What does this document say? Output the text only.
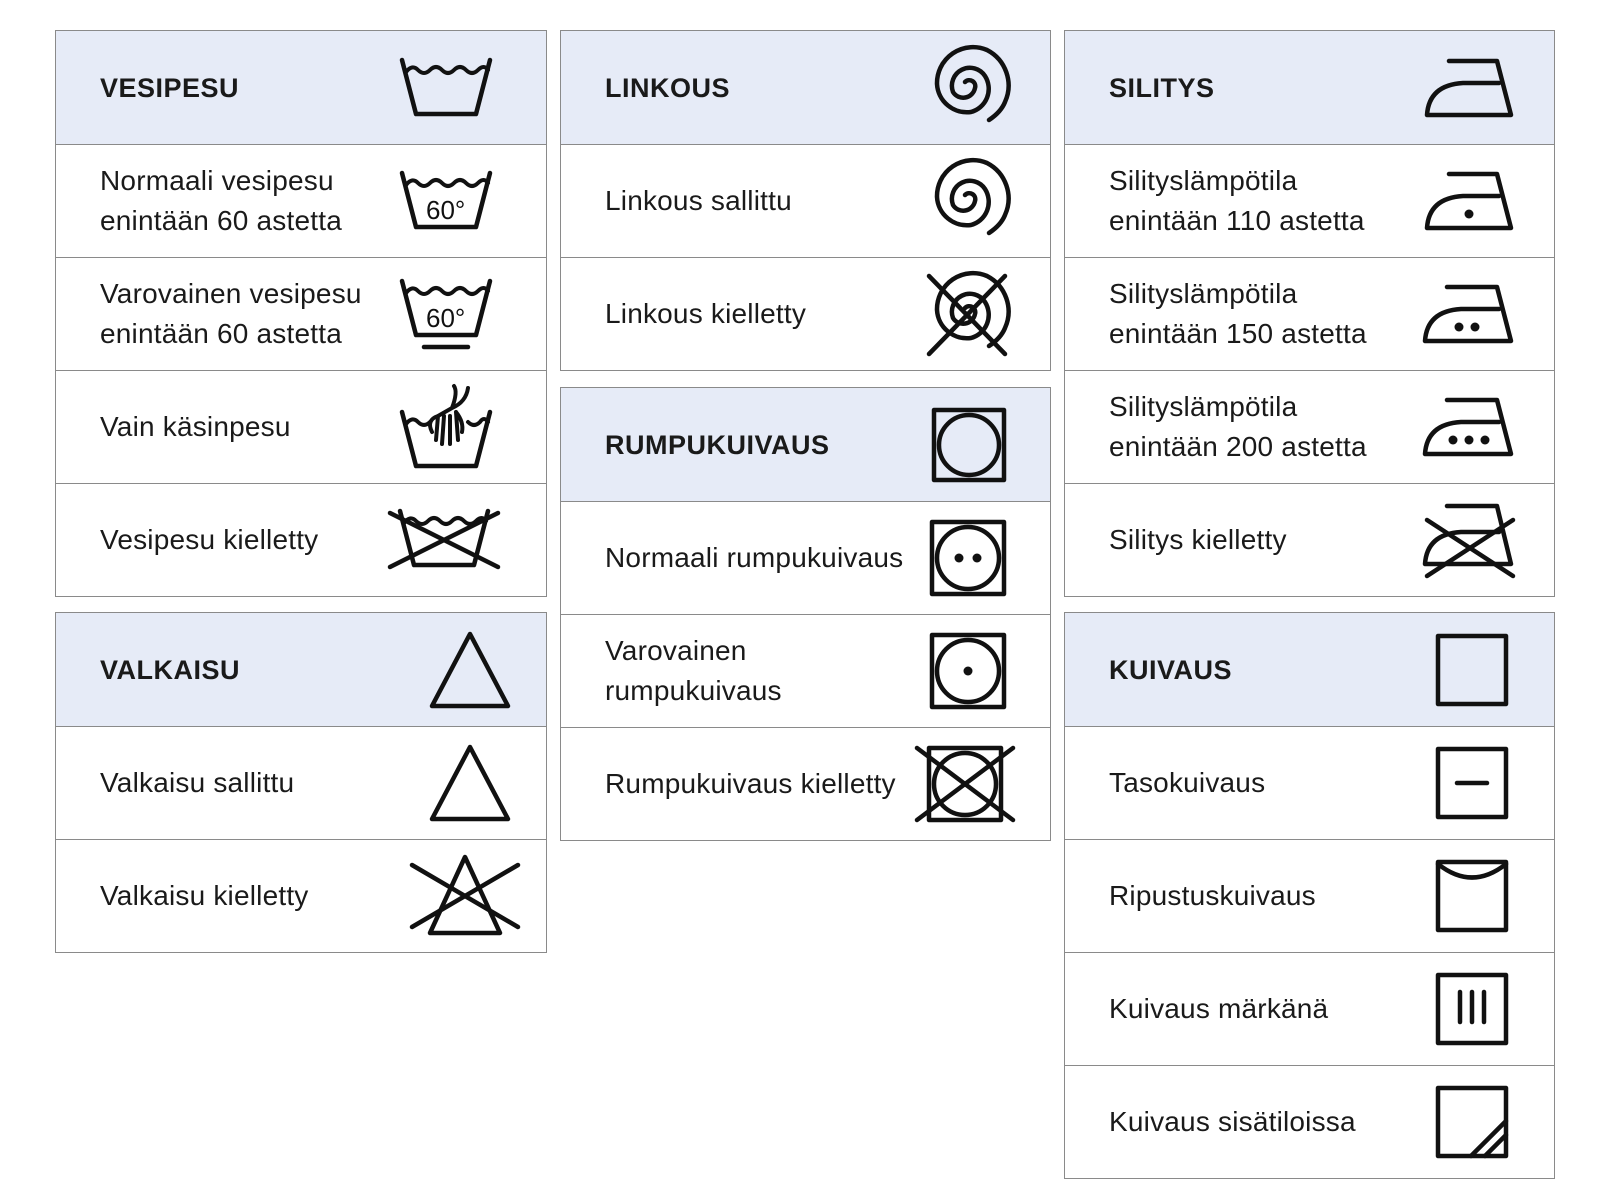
VESIPESU
Normaali vesipesu enintään 60 astetta	60°
Varovainen vesipesu enintään 60 astetta	60°
Vain käsinpesu
Vesipesu kielletty
VALKAISU
Valkaisu sallittu
Valkaisu kielletty
LINKOUS
Linkous sallittu
Linkous kielletty
RUMPUKUIVAUS
Normaali rumpukuivaus
Varovainen rumpukuivaus
Rumpukuivaus kielletty
SILITYS
Silityslämpötila enintään 110 astetta
Silityslämpötila enintään 150 astetta
Silityslämpötila enintään 200 astetta
Silitys kielletty
KUIVAUS
Tasokuivaus
Ripustuskuivaus
Kuivaus märkänä
Kuivaus sisätiloissa
